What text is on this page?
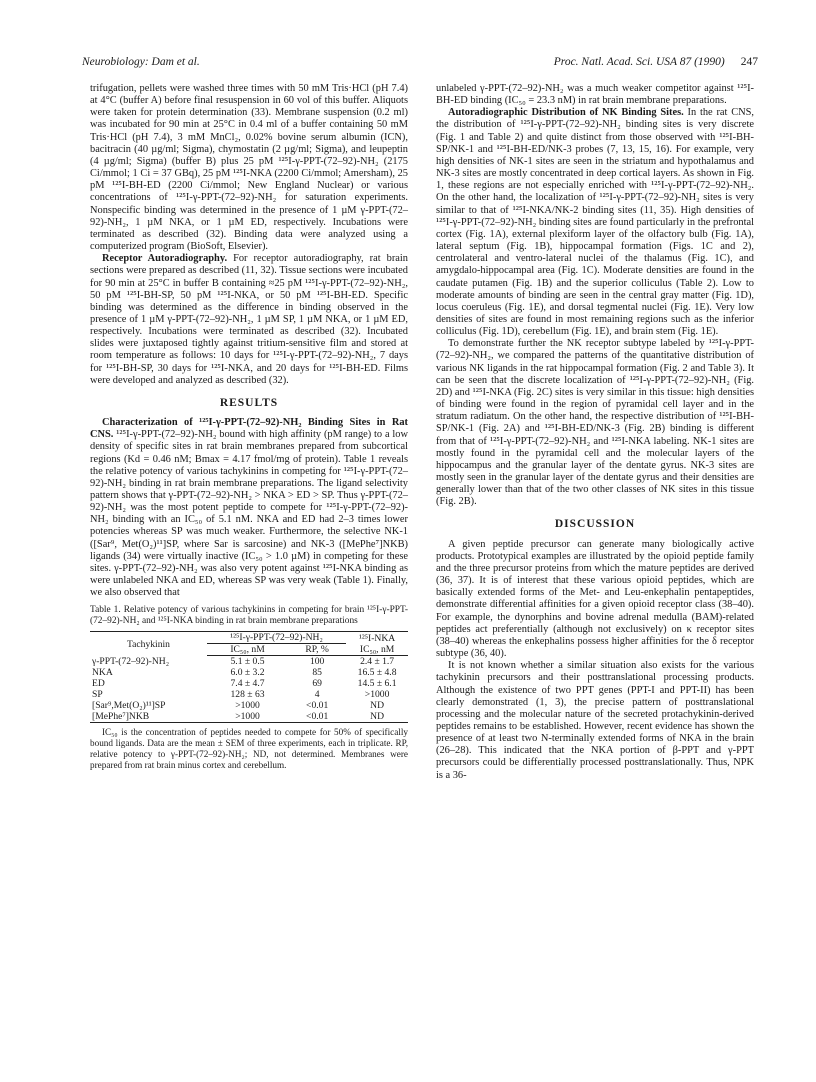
Neurobiology: Dam et al.	Proc. Natl. Acad. Sci. USA 87 (1990) 247

trifugation, pellets were washed three times with 50 mM Tris·HCl (pH 7.4) at 4°C (buffer A) before final resuspension in 60 vol of this buffer. Aliquots were taken for protein determination (33). Membrane suspension (0.2 ml) was incubated for 90 min at 25°C in 0.4 ml of a buffer containing 50 mM Tris·HCl (pH 7.4), 3 mM MnCl₂, 0.02% bovine serum albumin (ICN), bacitracin (40 µg/ml; Sigma), chymostatin (2 µg/ml; Sigma), and leupeptin (4 µg/ml; Sigma) (buffer B) plus 25 pM ¹²⁵I-γ-PPT-(72–92)-NH₂ (2175 Ci/mmol; 1 Ci = 37 GBq), 25 pM ¹²⁵I-NKA (2200 Ci/mmol; Amersham), 25 pM ¹²⁵I-BH-ED (2200 Ci/mmol; New England Nuclear) or various concentrations of ¹²⁵I-γ-PPT-(72–92)-NH₂ for saturation experiments. Nonspecific binding was determined in the presence of 1 µM γ-PPT-(72–92)-NH₂, 1 µM NKA, or 1 µM ED, respectively. Incubations were terminated as described (32). Binding data were analyzed using a computerized program (BioSoft, Elsevier).

Receptor Autoradiography. For receptor autoradiography, rat brain sections were prepared as described (11, 32). Tissue sections were incubated for 90 min at 25°C in buffer B containing ≈25 pM ¹²⁵I-γ-PPT-(72–92)-NH₂, 50 pM ¹²⁵I-BH-SP, 50 pM ¹²⁵I-NKA, or 50 pM ¹²⁵I-BH-ED. Specific binding was determined as the difference in binding observed in the presence of 1 µM γ-PPT-(72–92)-NH₂, 1 µM SP, 1 µM NKA, or 1 µM ED, respectively. Incubations were terminated as described (32). Incubated slides were juxtaposed tightly against tritium-sensitive film and stored at room temperature as follows: 10 days for ¹²⁵I-γ-PPT-(72–92)-NH₂, 7 days for ¹²⁵I-BH-SP, 30 days for ¹²⁵I-NKA, and 20 days for ¹²⁵I-BH-ED. Films were developed and analyzed as described (32).

RESULTS

Characterization of ¹²⁵I-γ-PPT-(72–92)-NH₂ Binding Sites in Rat CNS. ¹²⁵I-γ-PPT-(72–92)-NH₂ bound with high affinity (pM range) to a low density of specific sites in rat brain membranes prepared from subcortical regions (Kd = 0.46 nM; Bmax = 4.17 fmol/mg of protein). Table 1 reveals the relative potency of various tachykinins in competing for ¹²⁵I-γ-PPT-(72–92)-NH₂ binding in rat brain membrane preparations. The ligand selectivity pattern shows that γ-PPT-(72–92)-NH₂ > NKA > ED > SP. Thus γ-PPT-(72–92)-NH₂ was the most potent peptide to compete for ¹²⁵I-γ-PPT-(72–92)-NH₂ binding with an IC₅₀ of 5.1 nM. NKA and ED had 2–3 times lower potencies whereas SP was much weaker. Furthermore, the selective NK-1 ([Sar⁹, Met(O₂)¹¹]SP, where Sar is sarcosine) and NK-3 ([MePhe⁷]NKB) ligands (34) were virtually inactive (IC₅₀ > 1.0 µM) in competing for these sites. γ-PPT-(72–92)-NH₂ was also very potent against ¹²⁵I-NKA binding as were unlabeled NKA and ED, whereas SP was very weak (Table 1). Finally, we also observed that

Table 1. Relative potency of various tachykinins in competing for brain ¹²⁵I-γ-PPT-(72–92)-NH₂ and ¹²⁵I-NKA binding in rat brain membrane preparations

Tachykinin	¹²⁵I-γ-PPT-(72–92)-NH₂		¹²⁵I-NKA
	IC₅₀, nM	RP, %	IC₅₀, nM
γ-PPT-(72–92)-NH₂	5.1 ± 0.5	100	2.4 ± 1.7
NKA	6.0 ± 3.2	85	16.5 ± 4.8
ED	7.4 ± 4.7	69	14.5 ± 6.1
SP	128 ± 63	4	>1000
[Sar⁹,Met(O₂)¹¹]SP	>1000	<0.01	ND
[MePhe⁷]NKB	>1000	<0.01	ND

IC₅₀ is the concentration of peptides needed to compete for 50% of specifically bound ligands. Data are the mean ± SEM of three experiments, each in triplicate. RP, relative potency to γ-PPT-(72–92)-NH₂; ND, not determined. Membranes were prepared from rat brain minus cortex and cerebellum.

unlabeled γ-PPT-(72–92)-NH₂ was a much weaker competitor against ¹²⁵I-BH-ED binding (IC₅₀ = 23.3 nM) in rat brain membrane preparations.

Autoradiographic Distribution of NK Binding Sites. In the rat CNS, the distribution of ¹²⁵I-γ-PPT-(72–92)-NH₂ binding sites is very discrete (Fig. 1 and Table 2) and quite distinct from those observed with ¹²⁵I-BH-SP/NK-1 and ¹²⁵I-BH-ED/NK-3 probes (7, 13, 15, 16). For example, very high densities of NK-1 sites are seen in the striatum and hypothalamus and NK-3 sites are mostly concentrated in deep cortical layers. As shown in Fig. 1, these regions are not especially enriched with ¹²⁵I-γ-PPT-(72–92)-NH₂. On the other hand, the localization of ¹²⁵I-γ-PPT-(72–92)-NH₂ sites is very similar to that of ¹²⁵I-NKA/NK-2 binding sites (11, 35). High densities of ¹²⁵I-γ-PPT-(72–92)-NH₂ binding sites are found particularly in the prefrontal cortex (Fig. 1A), external plexiform layer of the olfactory bulb (Fig. 1A), lateral septum (Fig. 1B), hippocampal formation (Figs. 1C and 2), centrolateral and ventro-lateral nuclei of the thalamus (Fig. 1C), and amygdalo-hippocampal area (Fig. 1C). Moderate densities are found in the caudate putamen (Fig. 1B) and the superior colliculus (Table 2). Low to moderate amounts of binding are seen in the central gray matter (Fig. 1D), locus coeruleus (Fig. 1E), and dorsal tegmental nuclei (Fig. 1E). Very low densities of sites are found in most remaining regions such as the inferior colliculus (Fig. 1D), cerebellum (Fig. 1E), and brain stem (Fig. 1E).

To demonstrate further the NK receptor subtype labeled by ¹²⁵I-γ-PPT-(72–92)-NH₂, we compared the patterns of the quantitative distribution of various NK ligands in the rat hippocampal formation (Fig. 2 and Table 3). It can be seen that the discrete localization of ¹²⁵I-γ-PPT-(72–92)-NH₂ (Fig. 2D) and ¹²⁵I-NKA (Fig. 2C) sites is very similar in this tissue: high densities of binding were found in the region of pyramidal cell layer and in the stratum radiatum. On the other hand, the respective distribution of ¹²⁵I-BH-SP/NK-1 (Fig. 2A) and ¹²⁵I-BH-ED/NK-3 (Fig. 2B) binding is different from that of ¹²⁵I-γ-PPT-(72–92)-NH₂ and ¹²⁵I-NKA labeling. NK-1 sites are mostly found in the pyramidal cell and the molecular layers of the hippocampus and the granular layer of the dentate gyrus. NK-3 sites are mostly seen in the granular layer of the dentate gyrus and their densities are generally lower than that of the two other classes of NK sites in this tissue (Fig. 2B).

DISCUSSION

A given peptide precursor can generate many biologically active products. Prototypical examples are illustrated by the opioid peptide family and the three precursor proteins from which the mature peptides are derived (36, 37). It is of interest that these various opioid peptides, which are basically extended forms of the Met- and Leu-enkephalin pentapeptides, demonstrate differential affinities for a given opioid receptor class (38–40). For example, the dynorphins and bovine adrenal medulla (BAM)-related peptides act preferentially (although not exclusively) on κ receptor sites (38–40) whereas the enkephalins possess higher affinities for the δ receptor subtype (36, 40).

It is not known whether a similar situation also exists for the various tachykinin precursors and their posttranslational processing products. Although the existence of two PPT genes (PPT-I and PPT-II) has been clearly demonstrated (1, 3), the precise pattern of posttranslational processing and the molecular nature of the secreted protachykinin-derived peptides remains to be established. However, recent evidence has shown the presence of at least two N-terminally extended forms of NKA in the brain (26–28). This indicated that the NKA portion of β-PPT and γ-PPT precursors could be differentially processed posttranslationally. Thus, NPK is a 36-
